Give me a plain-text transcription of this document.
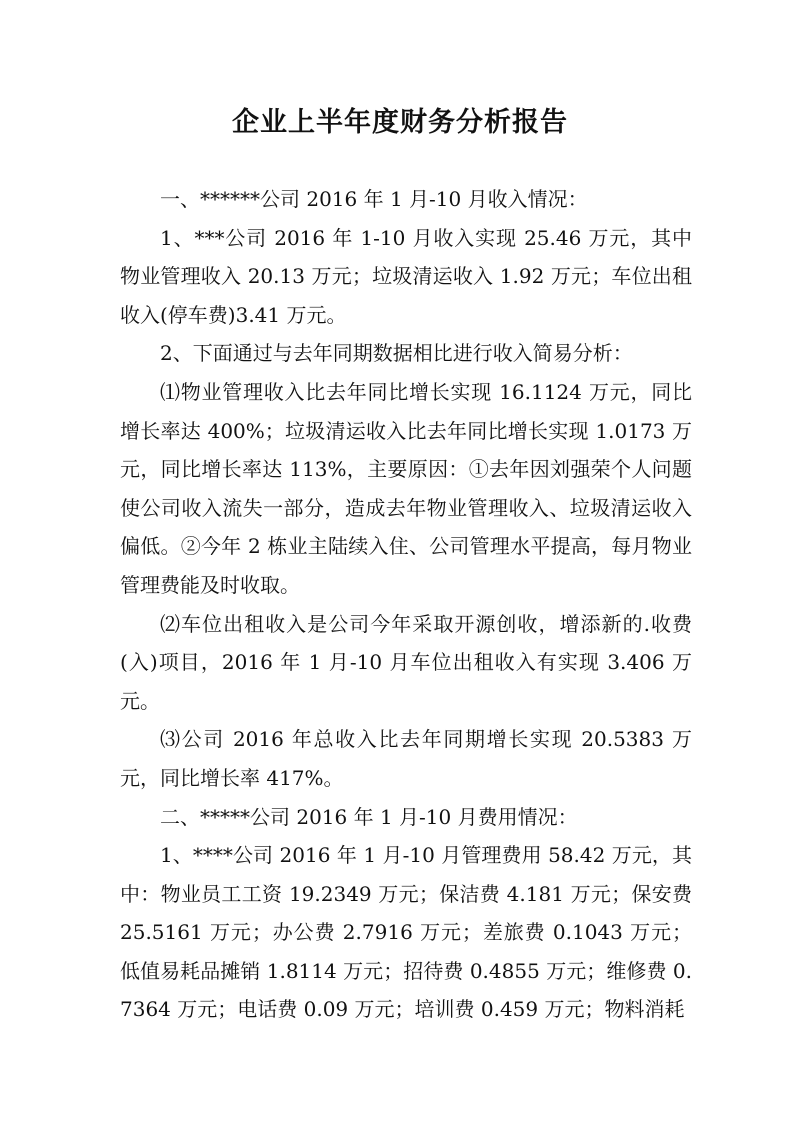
企业上半年度财务分析报告

一、******公司 2016 年 1 月-10 月收入情况：

1、***公司 2016 年 1-10 月收入实现 25.46 万元，其中物业管理收入 20.13 万元；垃圾清运收入 1.92 万元；车位出租收入(停车费)3.41 万元。

2、下面通过与去年同期数据相比进行收入简易分析：

⑴物业管理收入比去年同比增长实现 16.1124 万元，同比增长率达 400%；垃圾清运收入比去年同比增长实现 1.0173 万元，同比增长率达 113%，主要原因：①去年因刘强荣个人问题使公司收入流失一部分，造成去年物业管理收入、垃圾清运收入偏低。②今年 2 栋业主陆续入住、公司管理水平提高，每月物业管理费能及时收取。

⑵车位出租收入是公司今年采取开源创收，增添新的.收费(入)项目，2016 年 1 月-10 月车位出租收入有实现 3.406 万元。

⑶公司 2016 年总收入比去年同期增长实现 20.5383 万元，同比增长率 417%。

二、*****公司 2016 年 1 月-10 月费用情况：

1、****公司 2016 年 1 月-10 月管理费用 58.42 万元，其中：物业员工工资 19.2349 万元；保洁费 4.181 万元；保安费 25.5161 万元；办公费 2.7916 万元；差旅费 0.1043 万元；低值易耗品摊销 1.8114 万元；招待费 0.4855 万元；维修费 0.7364 万元；电话费 0.09 万元；培训费 0.459 万元；物料消耗
